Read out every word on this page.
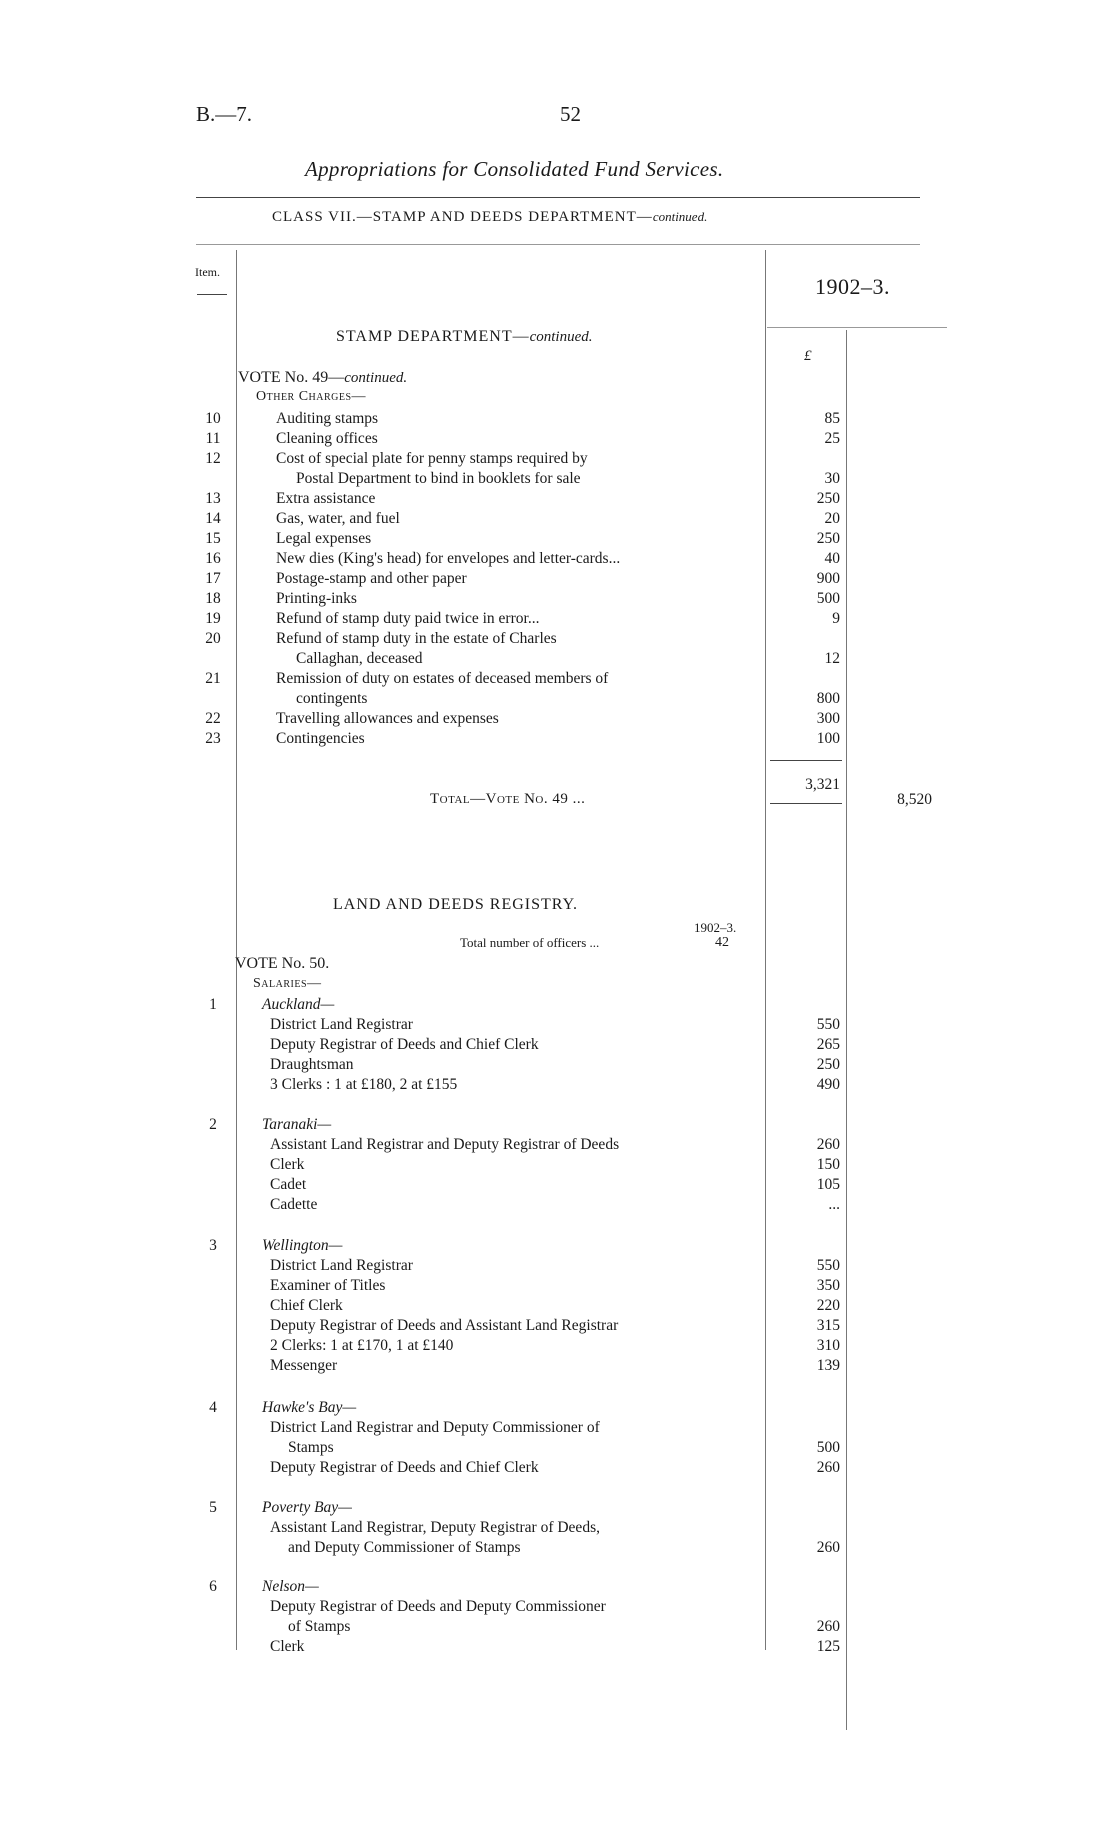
B.—7.	52
Appropriations for Consolidated Fund Services.
CLASS VII.—STAMP AND DEEDS DEPARTMENT—continued.
Item.
1902–3.
£
STAMP DEPARTMENT—continued.
VOTE No. 49—continued.
Other Charges—
10	Auditing stamps	85
11	Cleaning offices	25
12	Cost of special plate for penny stamps required by
Postal Department to bind in booklets for sale	30
13	Extra assistance	250
14	Gas, water, and fuel	20
15	Legal expenses	250
16	New dies (King's head) for envelopes and letter-cards...	40
17	Postage-stamp and other paper	900
18	Printing-inks	500
19	Refund of stamp duty paid twice in error...	9
20	Refund of stamp duty in the estate of Charles
Callaghan, deceased	12
21	Remission of duty on estates of deceased members of
contingents	800
22	Travelling allowances and expenses	300
23	Contingencies	100
3,321
Total—Vote No. 49 ...	8,520
LAND AND DEEDS REGISTRY.
1902–3.
Total number of officers ...	42
VOTE No. 50.
Salaries—
1	Auckland—
District Land Registrar	550
Deputy Registrar of Deeds and Chief Clerk	265
Draughtsman	250
3 Clerks : 1 at £180, 2 at £155	490
2	Taranaki—
Assistant Land Registrar and Deputy Registrar of Deeds	260
Clerk	150
Cadet	105
Cadette	...
3	Wellington—
District Land Registrar	550
Examiner of Titles	350
Chief Clerk	220
Deputy Registrar of Deeds and Assistant Land Registrar	315
2 Clerks: 1 at £170, 1 at £140	310
Messenger	139
4	Hawke's Bay—
District Land Registrar and Deputy Commissioner of
Stamps	500
Deputy Registrar of Deeds and Chief Clerk	260
5	Poverty Bay—
Assistant Land Registrar, Deputy Registrar of Deeds,
and Deputy Commissioner of Stamps	260
6	Nelson—
Deputy Registrar of Deeds and Deputy Commissioner
of Stamps	260
Clerk	125
